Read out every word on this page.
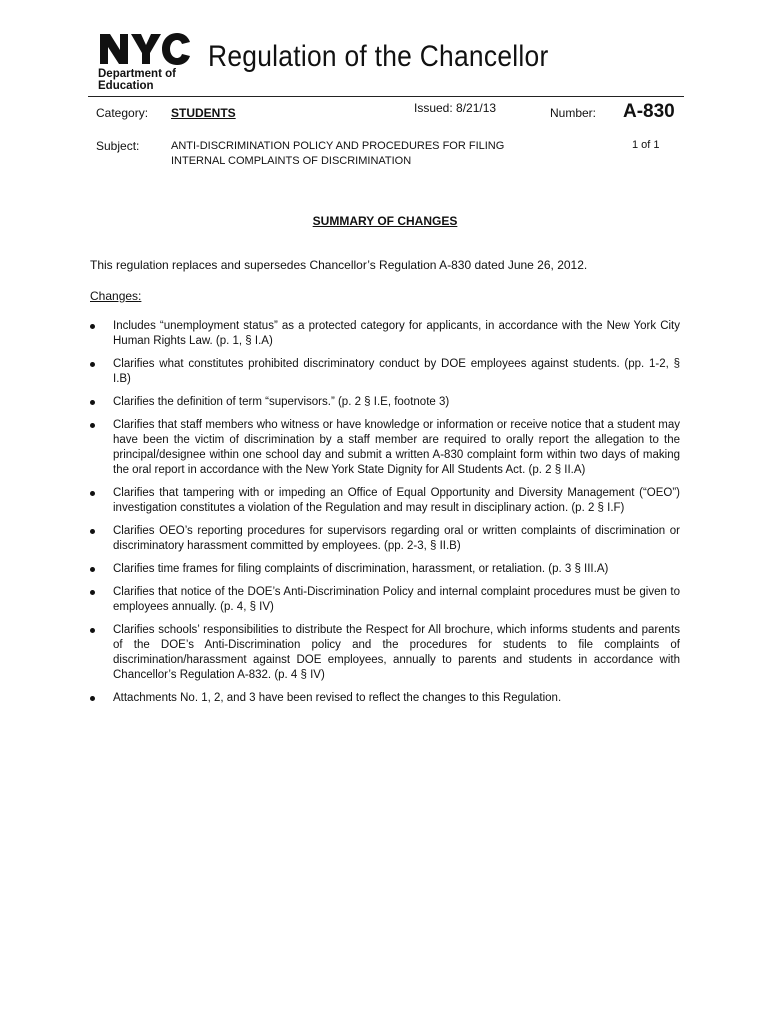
Department of
Education
Regulation of the Chancellor
Category: STUDENTS	Issued: 8/21/13	Number: A-830
Subject:	ANTI-DISCRIMINATION POLICY AND PROCEDURES FOR FILING
INTERNAL COMPLAINTS OF DISCRIMINATION
1 of 1
SUMMARY OF CHANGES
This regulation replaces and supersedes Chancellor’s Regulation A-830 dated June 26, 2012.
Changes:
Includes “unemployment status” as a protected category for applicants, in accordance with the New York City Human Rights Law. (p. 1, § I.A)
Clarifies what constitutes prohibited discriminatory conduct by DOE employees against students. (pp. 1-2, § I.B)
Clarifies the definition of term “supervisors.” (p. 2 § I.E, footnote 3)
Clarifies that staff members who witness or have knowledge or information or receive notice that a student may have been the victim of discrimination by a staff member are required to orally report the allegation to the principal/designee within one school day and submit a written A-830 complaint form within two days of making the oral report in accordance with the New York State Dignity for All Students Act. (p. 2 § II.A)
Clarifies that tampering with or impeding an Office of Equal Opportunity and Diversity Management (“OEO”) investigation constitutes a violation of the Regulation and may result in disciplinary action. (p. 2 § I.F)
Clarifies OEO’s reporting procedures for supervisors regarding oral or written complaints of discrimination or discriminatory harassment committed by employees. (pp. 2-3, § II.B)
Clarifies time frames for filing complaints of discrimination, harassment, or retaliation. (p. 3 § III.A)
Clarifies that notice of the DOE’s Anti-Discrimination Policy and internal complaint procedures must be given to employees annually. (p. 4, § IV)
Clarifies schools’ responsibilities to distribute the Respect for All brochure, which informs students and parents of the DOE’s Anti-Discrimination policy and the procedures for students to file complaints of discrimination/harassment against DOE employees, annually to parents and students in accordance with Chancellor’s Regulation A-832. (p. 4 § IV)
Attachments No. 1, 2, and 3 have been revised to reflect the changes to this Regulation.
